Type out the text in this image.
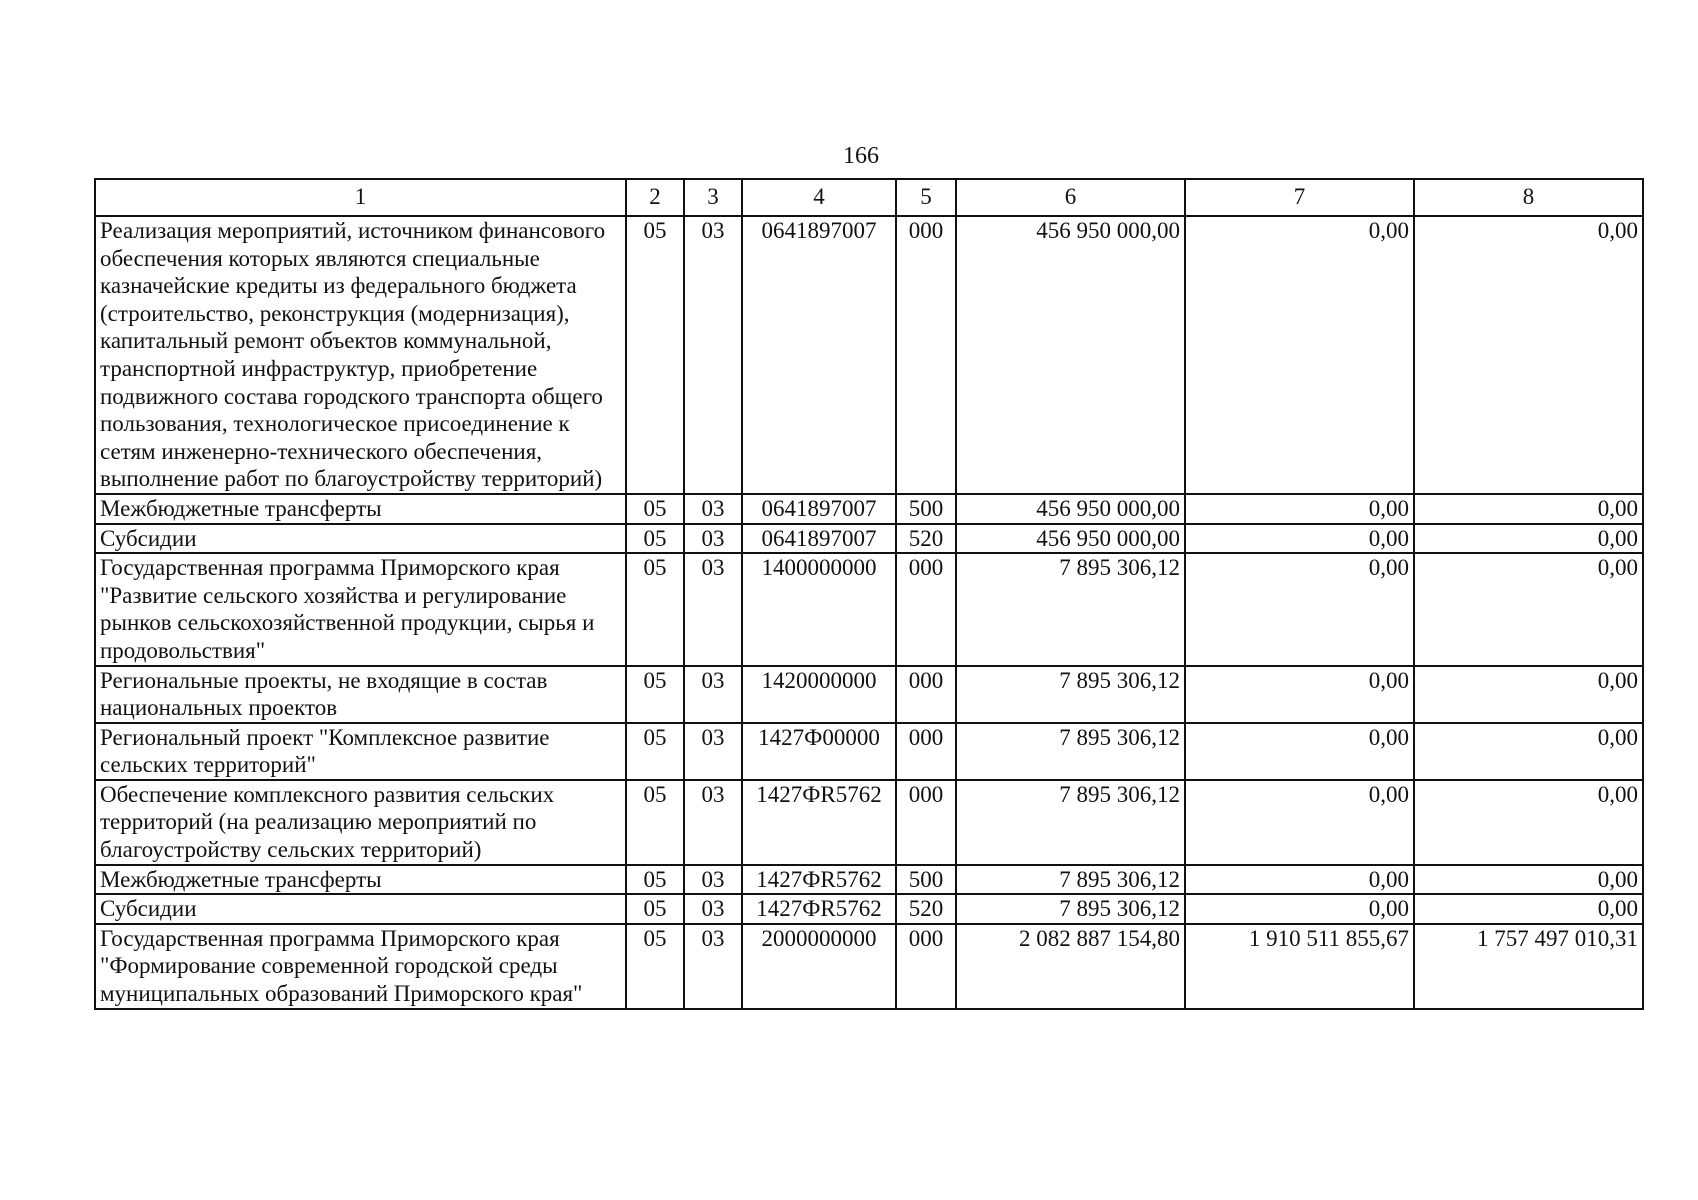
166
1	2	3	4	5	6	7	8
Реализация мероприятий, источником финансового обеспечения которых являются специальные казначейские кредиты из федерального бюджета (строительство, реконструкция (модернизация), капитальный ремонт объектов коммунальной, транспортной инфраструктур, приобретение подвижного состава городского транспорта общего пользования, технологическое присоединение к сетям инженерно-технического обеспечения, выполнение работ по благоустройству территорий)	05	03	0641897007	000	456 950 000,00	0,00	0,00
Межбюджетные трансферты	05	03	0641897007	500	456 950 000,00	0,00	0,00
Субсидии	05	03	0641897007	520	456 950 000,00	0,00	0,00
Государственная программа Приморского края "Развитие сельского хозяйства и регулирование рынков сельскохозяйственной продукции, сырья и продовольствия"	05	03	1400000000	000	7 895 306,12	0,00	0,00
Региональные проекты, не входящие в состав национальных проектов	05	03	1420000000	000	7 895 306,12	0,00	0,00
Региональный проект "Комплексное развитие сельских территорий"	05	03	1427Ф00000	000	7 895 306,12	0,00	0,00
Обеспечение комплексного развития сельских территорий (на реализацию мероприятий по благоустройству сельских территорий)	05	03	1427ФR5762	000	7 895 306,12	0,00	0,00
Межбюджетные трансферты	05	03	1427ФR5762	500	7 895 306,12	0,00	0,00
Субсидии	05	03	1427ФR5762	520	7 895 306,12	0,00	0,00
Государственная программа Приморского края "Формирование современной городской среды муниципальных образований Приморского края"	05	03	2000000000	000	2 082 887 154,80	1 910 511 855,67	1 757 497 010,31
